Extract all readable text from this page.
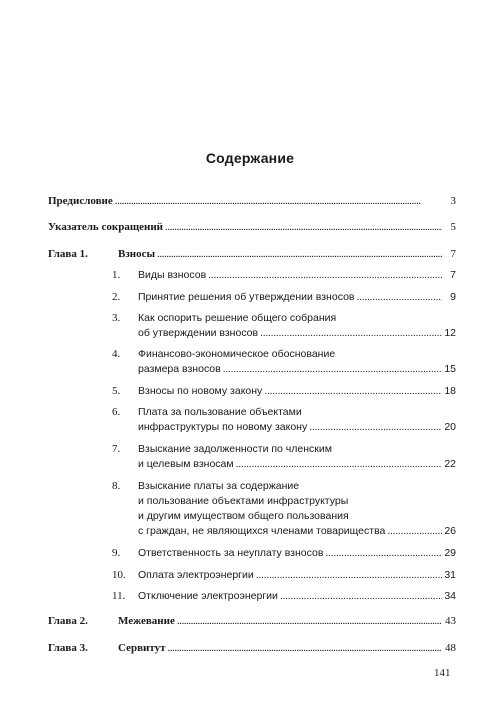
Содержание
Предисловие . . .	3
Указатель сокращений . . .	5
Глава 1.	Взносы . . .	7
1.	Виды взносов . . .	7
2.	Принятие решения об утверждении взносов . . .	9
3.	Как оспорить решение общего собрания
об утверждении взносов . . .	12
4.	Финансово-экономическое обоснование
размера взносов . . .	15
5.	Взносы по новому закону . . .	18
6.	Плата за пользование объектами
инфраструктуры по новому закону . . .	20
7.	Взыскание задолженности по членским
и целевым взносам . . .	22
8.	Взыскание платы за содержание
и пользование объектами инфраструктуры
и другим имуществом общего пользования
с граждан, не являющихся членами товарищества . . .	26
9.	Ответственность за неуплату взносов . . .	29
10.	Оплата электроэнергии . . .	31
11.	Отключение электроэнергии . . .	34
Глава 2.	Межевание . . .	43
Глава 3.	Сервитут . . .	48
141
